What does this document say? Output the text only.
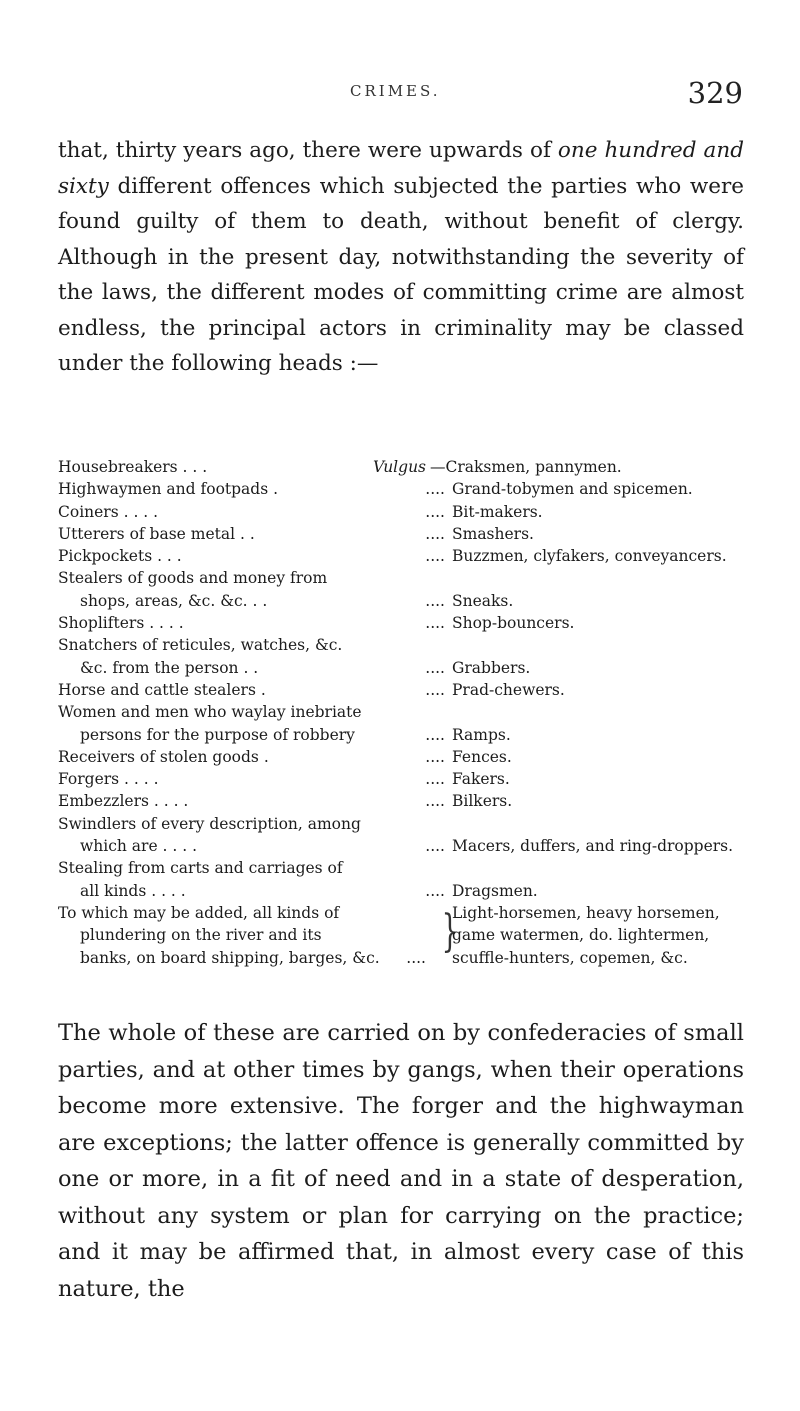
CRIMES.	329

that, thirty years ago, there were upwards of one hundred and sixty different offences which subjected the parties who were found guilty of them to death, without benefit of clergy. Although in the present day, notwithstanding the severity of the laws, the different modes of committing crime are almost endless, the principal actors in criminality may be classed under the following heads :—

Housebreakers . . .	Vulgus —Craksmen, pannymen.
Highwaymen and footpads .	.... Grand-tobymen and spicemen.
Coiners . . . .	.... Bit-makers.
Utterers of base metal . .	.... Smashers.
Pickpockets . . .	.... Buzzmen, clyfakers, conveyancers.
Stealers of goods and money from
shops, areas, &c. &c. . .	.... Sneaks.
Shoplifters . . . .	.... Shop-bouncers.
Snatchers of reticules, watches, &c.
&c. from the person . .	.... Grabbers.
Horse and cattle stealers .	.... Prad-chewers.
Women and men who waylay inebriate
persons for the purpose of robbery	.... Ramps.
Receivers of stolen goods .	.... Fences.
Forgers . . . .	.... Fakers.
Embezzlers . . . .	.... Bilkers.
Swindlers of every description, among
which are . . . .	.... Macers, duffers, and ring-droppers.
Stealing from carts and carriages of
all kinds . . . .	.... Dragsmen.
To which may be added, all kinds of
plundering on the river and its
banks, on board shipping, barges, &c.	....
}
Light-horsemen, heavy horsemen,
game watermen, do. lightermen,
scuffle-hunters, copemen, &c.

The whole of these are carried on by confederacies of small parties, and at other times by gangs, when their operations become more extensive. The forger and the highwayman are exceptions; the latter offence is generally committed by one or more, in a fit of need and in a state of desperation, without any system or plan for carrying on the practice; and it may be affirmed that, in almost every case of this nature, the
